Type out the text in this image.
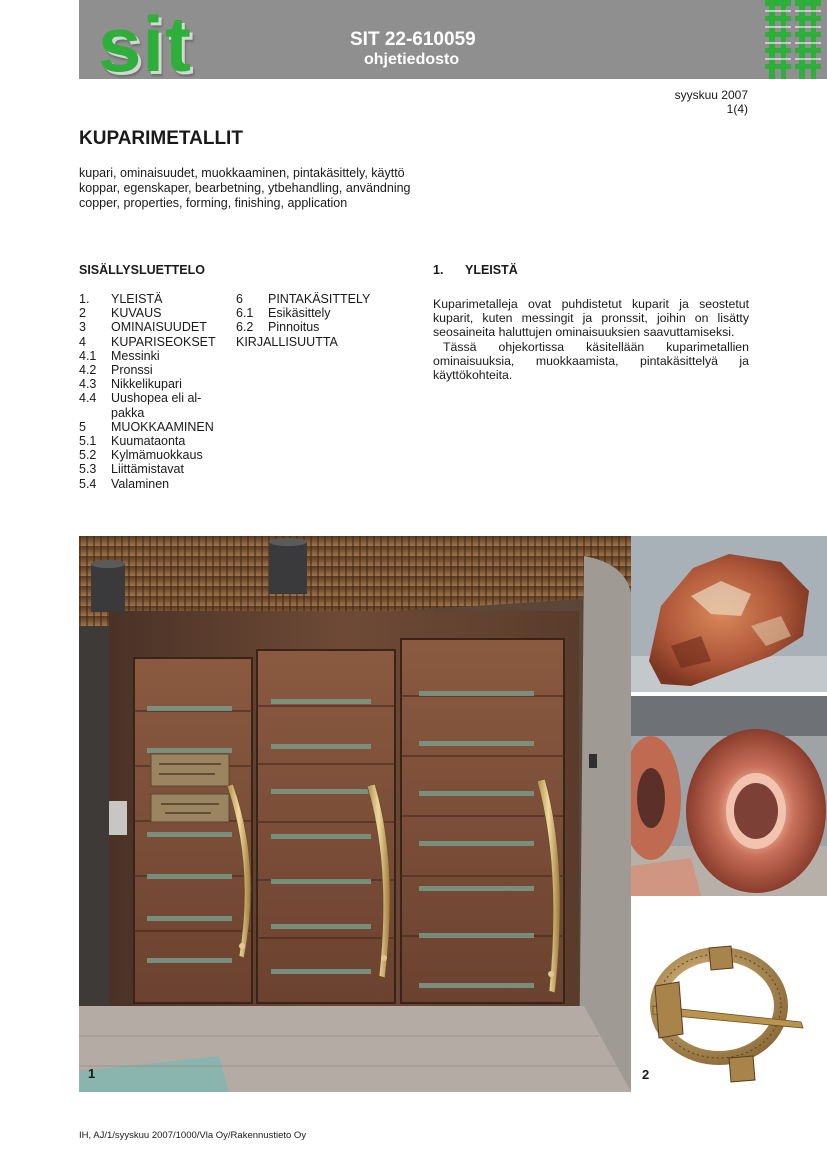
sit	SIT 22-610059
ohjetiedosto
syyskuu 2007
1(4)
KUPARIMETALLIT
kupari, ominaisuudet, muokkaaminen, pintakäsittely, käyttö
koppar, egenskaper, bearbetning, ytbehandling, användning
copper, properties, forming, finishing, application
SISÄLLYSLUETTELO
1.	YLEISTÄ
2	KUVAUS
3	OMINAISUUDET
4	KUPARISEOKSET
4.1	Messinki
4.2	Pronssi
4.3	Nikkelikupari
4.4	Uushopea eli al-pakka
5	MUOKKAAMINEN
5.1	Kuumataonta
5.2	Kylmämuokkaus
5.3	Liittämistavat
5.4	Valaminen
6	PINTAKÄSITTELY
6.1	Esikäsittely
6.2	Pinnoitus
KIRJALLISUUTTA
1. YLEISTÄ

Kuparimetalleja ovat puhdistetut kuparit ja seostetut kuparit, kuten messingit ja pronssit, joihin on lisätty seosaineita haluttujen ominaisuuksien saavuttamiseksi.

Tässä ohjekortissa käsitellään kuparimetallien ominaisuuksia, muokkaamista, pintakäsittelyä ja käyttökohteita.

1	2
IH, AJ/1/syyskuu 2007/1000/Vla Oy/Rakennustieto Oy
